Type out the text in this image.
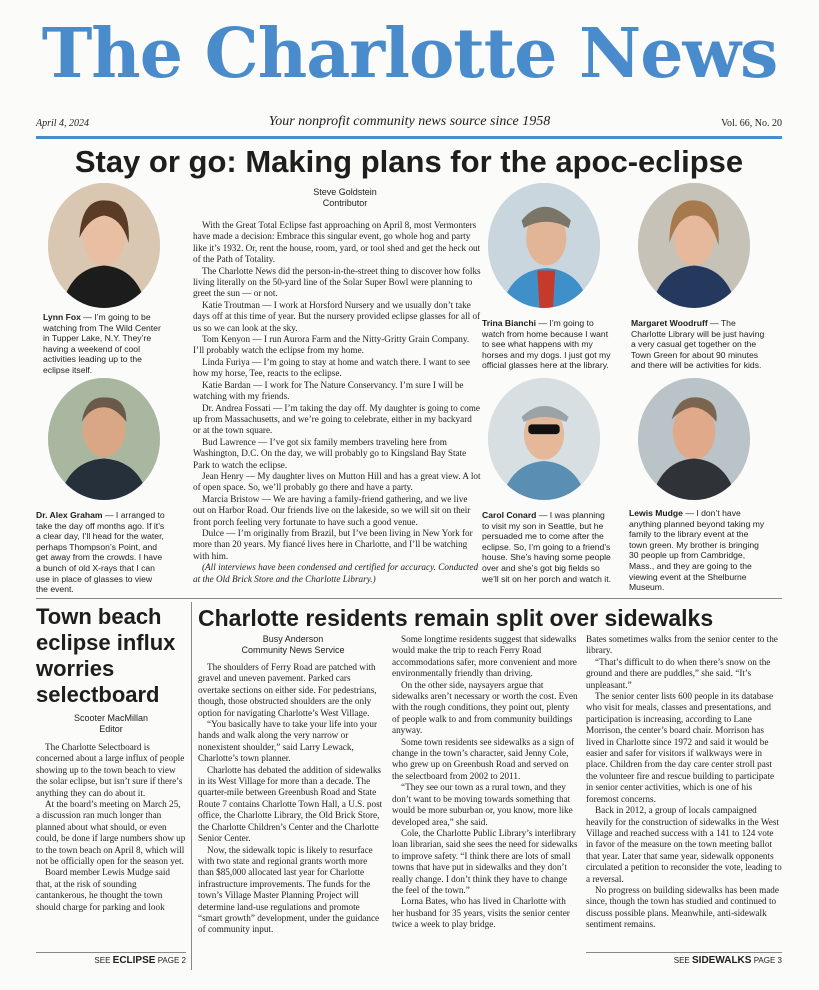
The Charlotte News
April 4, 2024	Your nonprofit community news source since 1958	Vol. 66, No. 20
Stay or go: Making plans for the apoc-eclipse
Lynn Fox — I’m going to be watching from The Wild Center in Tupper Lake, N.Y. They’re having a weekend of cool activities leading up to the eclipse itself.
Dr. Alex Graham — I arranged to take the day off months ago. If it’s a clear day, I’ll head for the water, perhaps Thompson’s Point, and get away from the crowds. I have a bunch of old X-rays that I can use in place of glasses to view the event.
Steve Goldstein
Contributor

With the Great Total Eclipse fast approaching on April 8, most Vermonters have made a decision: Embrace this singular event, go whole hog and party like it’s 1932. Or, rent the house, room, yard, or tool shed and get the heck out of the Path of Totality.

The Charlotte News did the person-in-the-street thing to discover how folks living literally on the 50-yard line of the Solar Super Bowl were planning to greet the sun — or not.

Katie Troutman — I work at Horsford Nursery and we usually don’t take days off at this time of year. But the nursery provided eclipse glasses for all of us so we can look at the sky.

Tom Kenyon — I run Aurora Farm and the Nitty-Gritty Grain Company. I’ll probably watch the eclipse from my home.

Linda Furiya — I’m going to stay at home and watch there. I want to see how my horse, Tee, reacts to the eclipse.

Katie Bardan — I work for The Nature Conservancy. I’m sure I will be watching with my friends.

Dr. Andrea Fossati — I’m taking the day off. My daughter is going to come up from Massachusetts, and we’re going to celebrate, either in my backyard or at the town square.

Bud Lawrence — I’ve got six family members traveling here from Washington, D.C. On the day, we will probably go to Kingsland Bay State Park to watch the eclipse.

Jean Henry — My daughter lives on Mutton Hill and has a great view. A lot of open space. So, we’ll probably go there and have a party.

Marcia Bristow — We are having a family-friend gathering, and we live out on Harbor Road. Our friends live on the lakeside, so we will sit on their front porch feeling very fortunate to have such a good venue.

Dulce — I’m originally from Brazil, but I’ve been living in New York for more than 20 years. My fiancé lives here in Charlotte, and I’ll be watching with him.

(All interviews have been condensed and certified for accuracy. Conducted at the Old Brick Store and the Charlotte Library.)

Trina Bianchi — I’m going to watch from home because I want to see what happens with my horses and my dogs. I just got my official glasses here at the library.
Margaret Woodruff — The Charlotte Library will be just having a very casual get together on the Town Green for about 90 minutes and there will be activities for kids.
Carol Conard — I was planning to visit my son in Seattle, but he persuaded me to come after the eclipse. So, I’m going to a friend’s house. She’s having some people over and she’s got big fields so we’ll sit on her porch and watch it.
Lewis Mudge — I don’t have anything planned beyond taking my family to the library event at the town green. My brother is bringing 30 people up from Cambridge, Mass., and they are going to the viewing event at the Shelburne Museum.
Town beach eclipse influx worries selectboard
Scooter MacMillan
Editor

The Charlotte Selectboard is concerned about a large influx of people showing up to the town beach to view the solar eclipse, but isn’t sure if there’s anything they can do about it.

At the board’s meeting on March 25, a discussion ran much longer than planned about what should, or even could, be done if large numbers show up to the town beach on April 8, which will not be officially open for the season yet.

Board member Lewis Mudge said that, at the risk of sounding cantankerous, he thought the town should charge for parking and look

SEE ECLIPSE PAGE 2
Charlotte residents remain split over sidewalks
Busy Anderson
Community News Service

The shoulders of Ferry Road are patched with gravel and uneven pavement. Parked cars overtake sections on either side. For pedestrians, though, those obstructed shoulders are the only option for navigating Charlotte’s West Village.

“You basically have to take your life into your hands and walk along the very narrow or nonexistent shoulder,” said Larry Lewack, Charlotte’s town planner.

Charlotte has debated the addition of sidewalks in its West Village for more than a decade. The quarter-mile between Greenbush Road and State Route 7 contains Charlotte Town Hall, a U.S. post office, the Charlotte Library, the Old Brick Store, the Charlotte Children’s Center and the Charlotte Senior Center.

Now, the sidewalk topic is likely to resurface with two state and regional grants worth more than $85,000 allocated last year for Charlotte infrastructure improvements. The funds for the town’s Village Master Planning Project will determine land-use regulations and promote “smart growth” development, under the guidance of community input.

Some longtime residents suggest that sidewalks would make the trip to reach Ferry Road accommodations safer, more convenient and more environmentally friendly than driving.

On the other side, naysayers argue that sidewalks aren’t necessary or worth the cost. Even with the rough conditions, they point out, plenty of people walk to and from community buildings anyway.

Some town residents see sidewalks as a sign of change in the town’s character, said Jenny Cole, who grew up on Greenbush Road and served on the selectboard from 2002 to 2011.

“They see our town as a rural town, and they don’t want to be moving towards something that would be more suburban or, you know, more like developed area,” she said.

Cole, the Charlotte Public Library’s interlibrary loan librarian, said she sees the need for sidewalks to improve safety. “I think there are lots of small towns that have put in sidewalks and they don’t really change. I don’t think they have to change the feel of the town.”

Lorna Bates, who has lived in Charlotte with her husband for 35 years, visits the senior center twice a week to play bridge.

Bates sometimes walks from the senior center to the library.

“That’s difficult to do when there’s snow on the ground and there are puddles,” she said. “It’s unpleasant.”

The senior center lists 600 people in its database who visit for meals, classes and presentations, and participation is increasing, according to Lane Morrison, the center’s board chair. Morrison has lived in Charlotte since 1972 and said it would be easier and safer for visitors if walkways were in place. Children from the day care center stroll past the volunteer fire and rescue building to participate in senior center activities, which is one of his foremost concerns.

Back in 2012, a group of locals campaigned heavily for the construction of sidewalks in the West Village and reached success with a 141 to 124 vote in favor of the measure on the town meeting ballot that year. Later that same year, sidewalk opponents circulated a petition to reconsider the vote, leading to a reversal.

No progress on building sidewalks has been made since, though the town has studied and continued to discuss possible plans. Meanwhile, anti-sidewalk sentiment remains.

SEE SIDEWALKS PAGE 3
